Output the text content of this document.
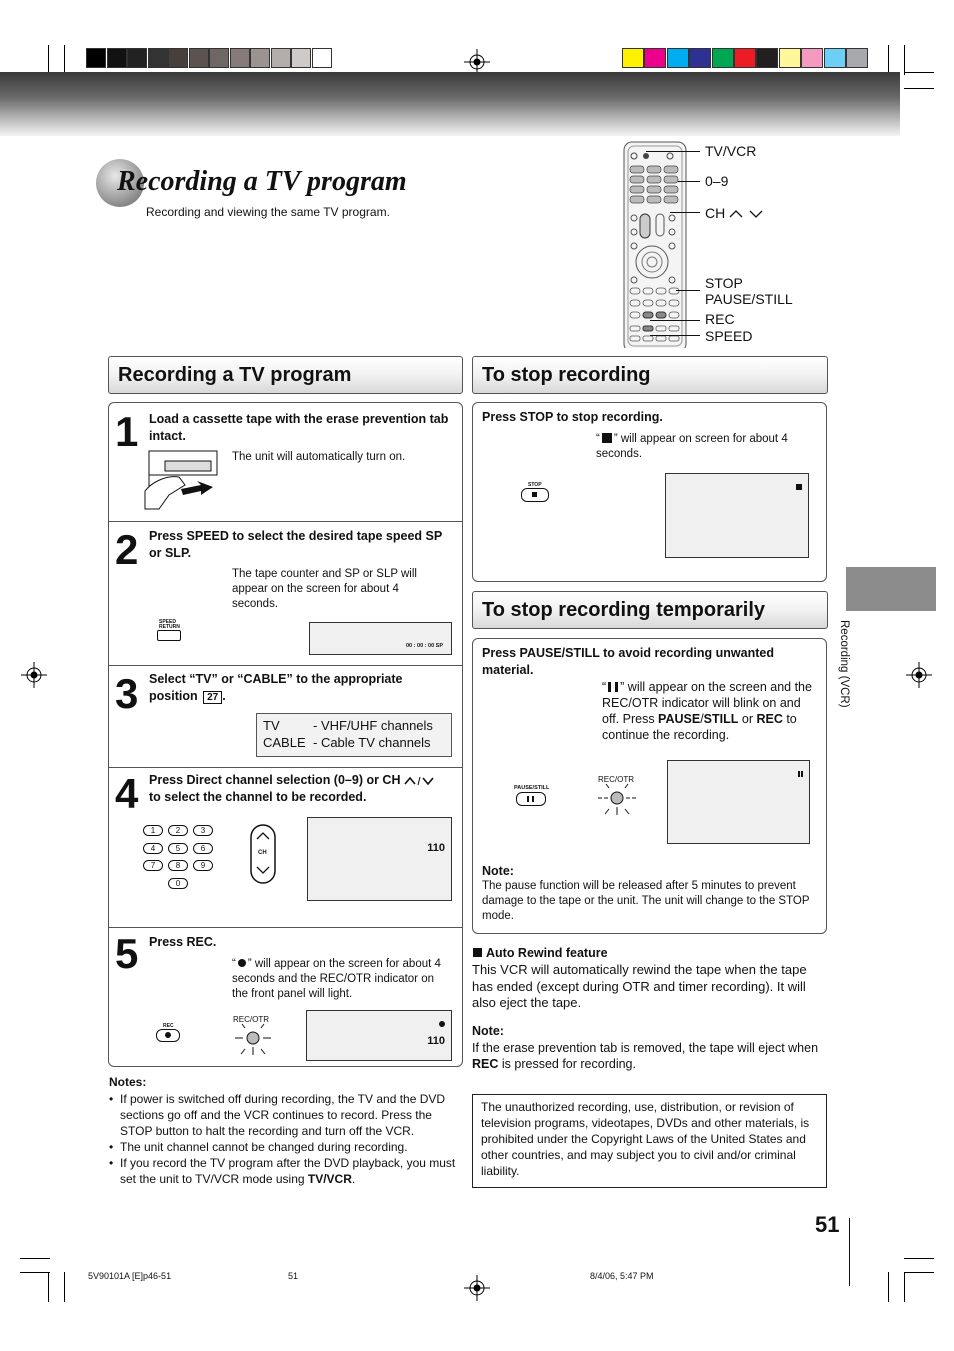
Recording a TV program
Recording and viewing the same TV program.
TV/VCR
0–9
CH
STOP
PAUSE/STILL
REC
SPEED
Recording a TV program
1 Load a cassette tape with the erase prevention tab intact.
The unit will automatically turn on.
2 Press SPEED to select the desired tape speed SP or SLP.
The tape counter and SP or SLP will appear on the screen for about 4 seconds.
SPEED RETURN
00 : 00 : 00 SP
3 Select “TV” or “CABLE” to the appropriate position 27 .
TV	- VHF/UHF channels
CABLE - Cable TV channels
4 Press Direct channel selection (0–9) or CH
to select the channel to be recorded.
CH	110
5 Press REC.
“ ” will appear on the screen for about 4 seconds and the REC/OTR indicator on the front panel will light.
REC
REC/OTR
110
1	2	3
4	5	6
7	8	9
0
Notes:
• If power is switched off during recording, the TV and the DVD sections go off and the VCR continues to record. Press the STOP button to halt the recording and turn off the VCR.
• The unit channel cannot be changed during recording.
• If you record the TV program after the DVD playback, you must set the unit to TV/VCR mode using TV/VCR.
To stop recording
Press STOP to stop recording.
“ ” will appear on screen for about 4 seconds.
STOP
To stop recording temporarily
Press PAUSE/STILL to avoid recording unwanted material.
“ ” will appear on the screen and the REC/OTR indicator will blink on and off. Press PAUSE/STILL or REC to continue the recording.
PAUSE/STILL
REC/OTR
Note:
The pause function will be released after 5 minutes to prevent damage to the tape or the unit. The unit will change to the STOP mode.
Auto Rewind feature
This VCR will automatically rewind the tape when the tape has ended (except during OTR and timer recording). It will also eject the tape.
Note:
If the erase prevention tab is removed, the tape will eject when REC is pressed for recording.
The unauthorized recording, use, distribution, or revision of television programs, videotapes, DVDs and other materials, is prohibited under the Copyright Laws of the United States and other countries, and may subject you to civil and/or criminal liability.
Recording (VCR)
51
5V90101A [E]p46-51	51	8/4/06, 5:47 PM
